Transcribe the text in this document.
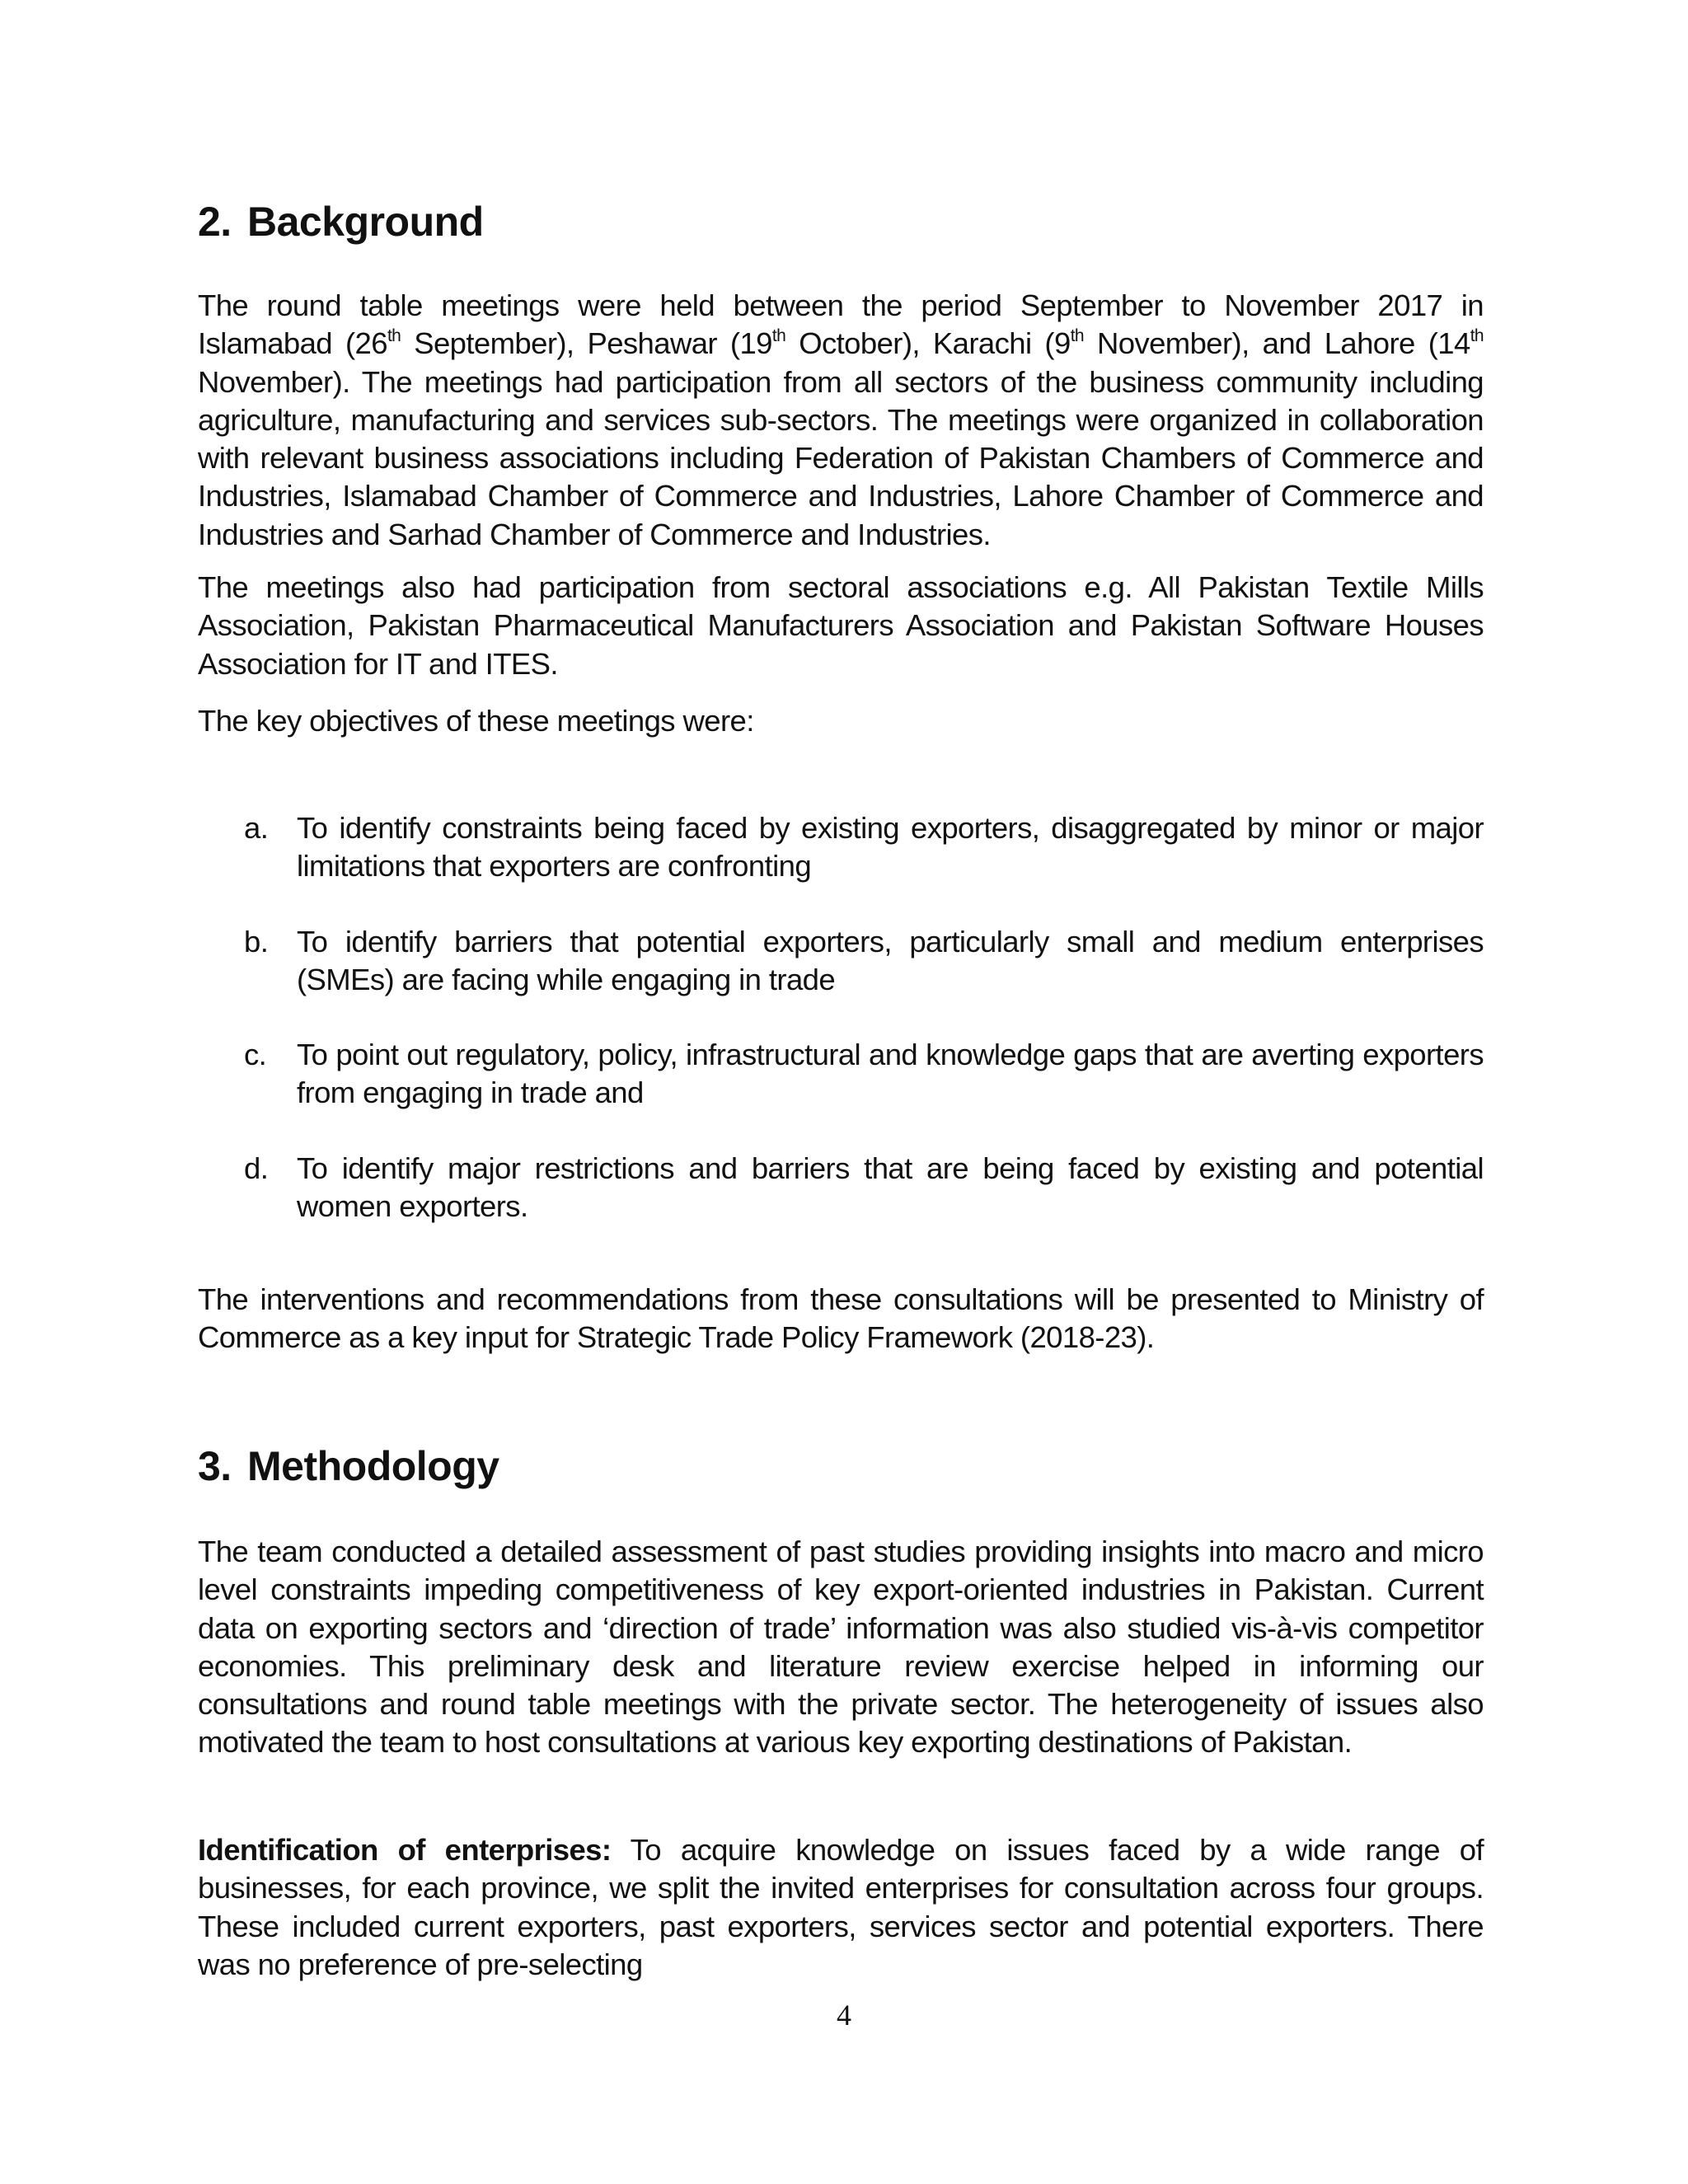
2. Background

The round table meetings were held between the period September to November 2017 in Islamabad (26th September), Peshawar (19th October), Karachi (9th November), and Lahore (14th November). The meetings had participation from all sectors of the business community including agriculture, manufacturing and services sub-sectors. The meetings were organized in collaboration with relevant business associations including Federation of Pakistan Chambers of Commerce and Industries, Islamabad Chamber of Commerce and Industries, Lahore Chamber of Commerce and Industries and Sarhad Chamber of Commerce and Industries.

The meetings also had participation from sectoral associations e.g. All Pakistan Textile Mills Association, Pakistan Pharmaceutical Manufacturers Association and Pakistan Software Houses Association for IT and ITES.

The key objectives of these meetings were:

a. To identify constraints being faced by existing exporters, disaggregated by minor or major limitations that exporters are confronting
b. To identify barriers that potential exporters, particularly small and medium enterprises (SMEs) are facing while engaging in trade
c. To point out regulatory, policy, infrastructural and knowledge gaps that are averting exporters from engaging in trade and
d. To identify major restrictions and barriers that are being faced by existing and potential women exporters.

The interventions and recommendations from these consultations will be presented to Ministry of Commerce as a key input for Strategic Trade Policy Framework (2018-23).

3. Methodology

The team conducted a detailed assessment of past studies providing insights into macro and micro level constraints impeding competitiveness of key export-oriented industries in Pakistan. Current data on exporting sectors and ‘direction of trade’ information was also studied vis-à-vis competitor economies. This preliminary desk and literature review exercise helped in informing our consultations and round table meetings with the private sector. The heterogeneity of issues also motivated the team to host consultations at various key exporting destinations of Pakistan.

Identification of enterprises: To acquire knowledge on issues faced by a wide range of businesses, for each province, we split the invited enterprises for consultation across four groups. These included current exporters, past exporters, services sector and potential exporters. There was no preference of pre-selecting

4
